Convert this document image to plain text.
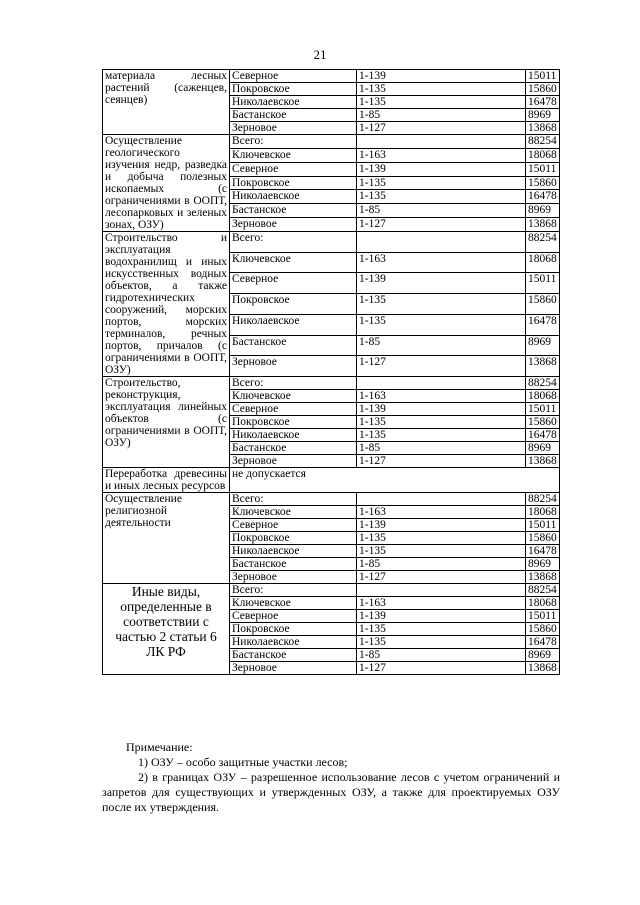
21
материала лесных растений (саженцев, сеянцев)	Северное	1-139	15011
	Покровское	1-135	15860
	Николаевское	1-135	16478
	Бастанское	1-85	8969
	Зерновое	1-127	13868
Осуществление геологического изучения недр, разведка и добыча полезных ископаемых (с ограничениями в ООПТ, лесопарковых и зеленых зонах, ОЗУ)	Всего:		88254
	Ключевское	1-163	18068
	Северное	1-139	15011
	Покровское	1-135	15860
	Николаевское	1-135	16478
	Бастанское	1-85	8969
	Зерновое	1-127	13868
Строительство и эксплуатация водохранилищ и иных искусственных водных объектов, а также гидротехнических сооружений, морских портов, морских терминалов, речных портов, причалов (с ограничениями в ООПТ, ОЗУ)	Всего:		88254
	Ключевское	1-163	18068
	Северное	1-139	15011
	Покровское	1-135	15860
	Николаевское	1-135	16478
	Бастанское	1-85	8969
	Зерновое	1-127	13868
Строительство, реконструкция, эксплуатация линейных объектов (с ограничениями в ООПТ, ОЗУ)	Всего:		88254
	Ключевское	1-163	18068
	Северное	1-139	15011
	Покровское	1-135	15860
	Николаевское	1-135	16478
	Бастанское	1-85	8969
	Зерновое	1-127	13868
Переработка древесины и иных лесных ресурсов	не допускается		
Осуществление религиозной деятельности	Всего:		88254
	Ключевское	1-163	18068
	Северное	1-139	15011
	Покровское	1-135	15860
	Николаевское	1-135	16478
	Бастанское	1-85	8969
	Зерновое	1-127	13868
Иные виды, определенные в соответствии с частью 2 статьи 6 ЛК РФ	Всего:		88254
	Ключевское	1-163	18068
	Северное	1-139	15011
	Покровское	1-135	15860
	Николаевское	1-135	16478
	Бастанское	1-85	8969
	Зерновое	1-127	13868

Примечание:

1) ОЗУ – особо защитные участки лесов;

2) в границах ОЗУ – разрешенное использование лесов с учетом ограничений и запретов для существующих и утвержденных ОЗУ, а также для проектируемых ОЗУ после их утверждения.
